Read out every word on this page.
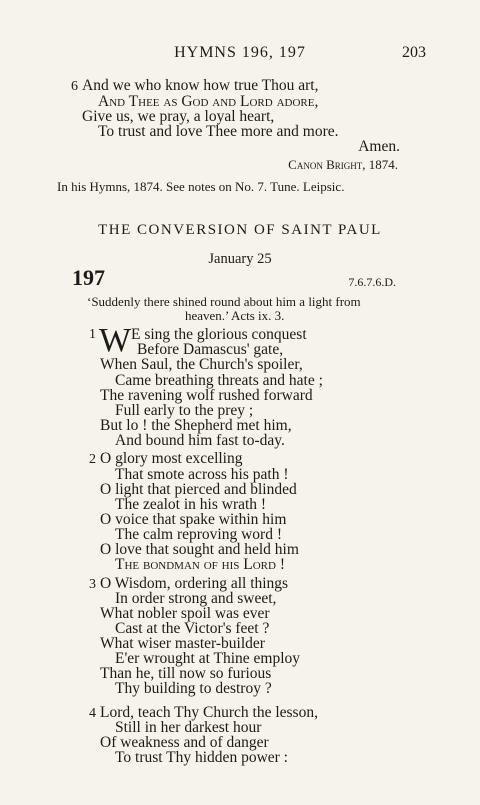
HYMNS 196, 197	203
6 And we who know how true Thou art,
And Thee as God and Lord adore,
Give us, we pray, a loyal heart,
To trust and love Thee more and more.
Amen.
Canon Bright, 1874.
In his Hymns, 1874. See notes on No. 7. Tune. Leipsic.
THE CONVERSION OF SAINT PAUL
January 25
197	7.6.7.6.D.
‘Suddenly there shined round about him a light from
heaven.’ Acts ix. 3.
1 W E sing the glorious conquest
Before Damascus' gate,
When Saul, the Church's spoiler,
Came breathing threats and hate ;
The ravening wolf rushed forward
Full early to the prey ;
But lo ! the Shepherd met him,
And bound him fast to-day.
2 O glory most excelling
That smote across his path !
O light that pierced and blinded
The zealot in his wrath !
O voice that spake within him
The calm reproving word !
O love that sought and held him
The bondman of his Lord !
3 O Wisdom, ordering all things
In order strong and sweet,
What nobler spoil was ever
Cast at the Victor's feet ?
What wiser master-builder
E'er wrought at Thine employ
Than he, till now so furious
Thy building to destroy ?
4 Lord, teach Thy Church the lesson,
Still in her darkest hour
Of weakness and of danger
To trust Thy hidden power :
